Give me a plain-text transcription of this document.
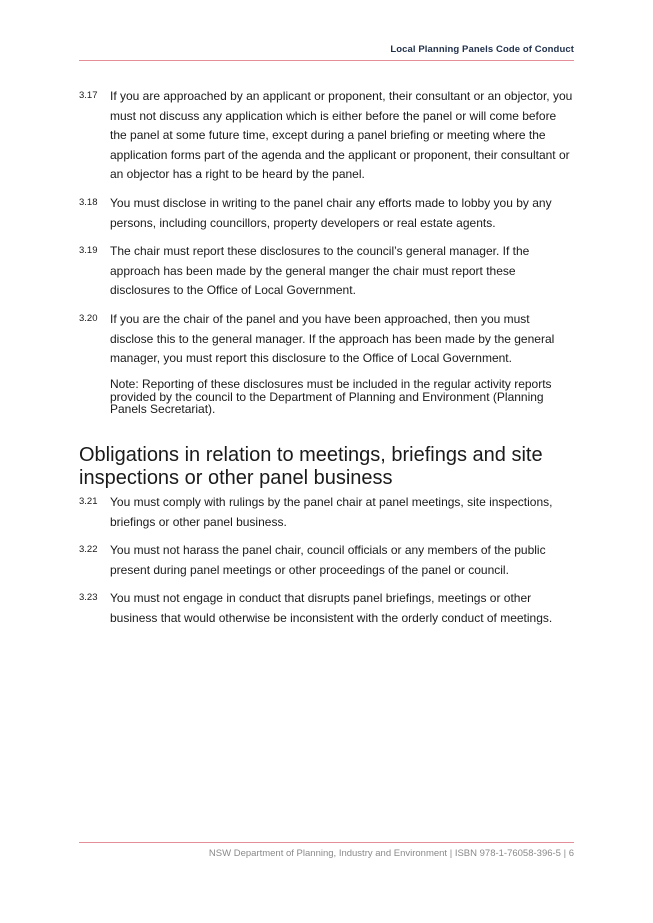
Local Planning Panels Code of Conduct
3.17 If you are approached by an applicant or proponent, their consultant or an objector, you must not discuss any application which is either before the panel or will come before the panel at some future time, except during a panel briefing or meeting where the application forms part of the agenda and the applicant or proponent, their consultant or an objector has a right to be heard by the panel.
3.18 You must disclose in writing to the panel chair any efforts made to lobby you by any persons, including councillors, property developers or real estate agents.
3.19 The chair must report these disclosures to the council’s general manager. If the approach has been made by the general manger the chair must report these disclosures to the Office of Local Government.
3.20 If you are the chair of the panel and you have been approached, then you must disclose this to the general manager. If the approach has been made by the general manager, you must report this disclosure to the Office of Local Government.
Note: Reporting of these disclosures must be included in the regular activity reports provided by the council to the Department of Planning and Environment (Planning Panels Secretariat).
Obligations in relation to meetings, briefings and site inspections or other panel business
3.21 You must comply with rulings by the panel chair at panel meetings, site inspections, briefings or other panel business.
3.22 You must not harass the panel chair, council officials or any members of the public present during panel meetings or other proceedings of the panel or council.
3.23 You must not engage in conduct that disrupts panel briefings, meetings or other business that would otherwise be inconsistent with the orderly conduct of meetings.
NSW Department of Planning, Industry and Environment | ISBN 978-1-76058-396-5 | 6
